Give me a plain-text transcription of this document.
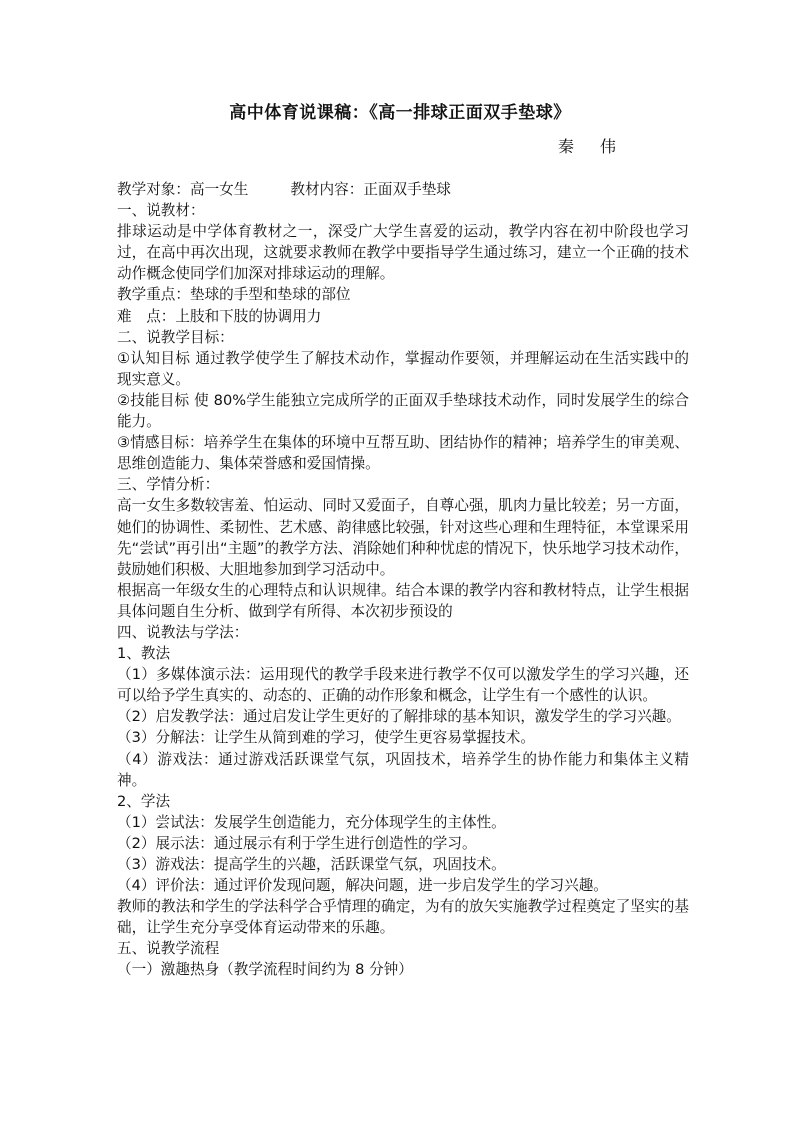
高中体育说课稿：《高一排球正面双手垫球》
秦 伟

教学对象：高一女生	教材内容：正面双手垫球

一、说教材：

排球运动是中学体育教材之一，深受广大学生喜爱的运动，教学内容在初中阶段也学习过，在高中再次出现，这就要求教师在教学中要指导学生通过练习，建立一个正确的技术动作概念使同学们加深对排球运动的理解。

教学重点：垫球的手型和垫球的部位

难　点：上肢和下肢的协调用力

二、说教学目标：

①认知目标 通过教学使学生了解技术动作，掌握动作要领，并理解运动在生活实践中的现实意义。

②技能目标 使 80%学生能独立完成所学的正面双手垫球技术动作，同时发展学生的综合能力。

③情感目标：培养学生在集体的环境中互帮互助、团结协作的精神；培养学生的审美观、思维创造能力、集体荣誉感和爱国情操。

三、学情分析：

高一女生多数较害羞、怕运动、同时又爱面子，自尊心强，肌肉力量比较差；另一方面，她们的协调性、柔韧性、艺术感、韵律感比较强，针对这些心理和生理特征，本堂课采用先“尝试”再引出“主题”的教学方法、消除她们种种忧虑的情况下，快乐地学习技术动作，鼓励她们积极、大胆地参加到学习活动中。

根据高一年级女生的心理特点和认识规律。结合本课的教学内容和教材特点，让学生根据具体问题自生分析、做到学有所得、本次初步预设的

四、说教法与学法：

1、教法

（1）多媒体演示法：运用现代的教学手段来进行教学不仅可以激发学生的学习兴趣，还可以给予学生真实的、动态的、正确的动作形象和概念，让学生有一个感性的认识。

（2）启发教学法：通过启发让学生更好的了解排球的基本知识，激发学生的学习兴趣。

（3）分解法：让学生从简到难的学习，使学生更容易掌握技术。

（4）游戏法：通过游戏活跃课堂气氛，巩固技术，培养学生的协作能力和集体主义精神。

2、学法

（1）尝试法：发展学生创造能力，充分体现学生的主体性。

（2）展示法：通过展示有利于学生进行创造性的学习。

（3）游戏法：提高学生的兴趣，活跃课堂气氛，巩固技术。

（4）评价法：通过评价发现问题，解决问题，进一步启发学生的学习兴趣。

教师的教法和学生的学法科学合乎情理的确定，为有的放矢实施教学过程奠定了坚实的基础，让学生充分享受体育运动带来的乐趣。

五、说教学流程

（一）激趣热身（教学流程时间约为 8 分钟）
